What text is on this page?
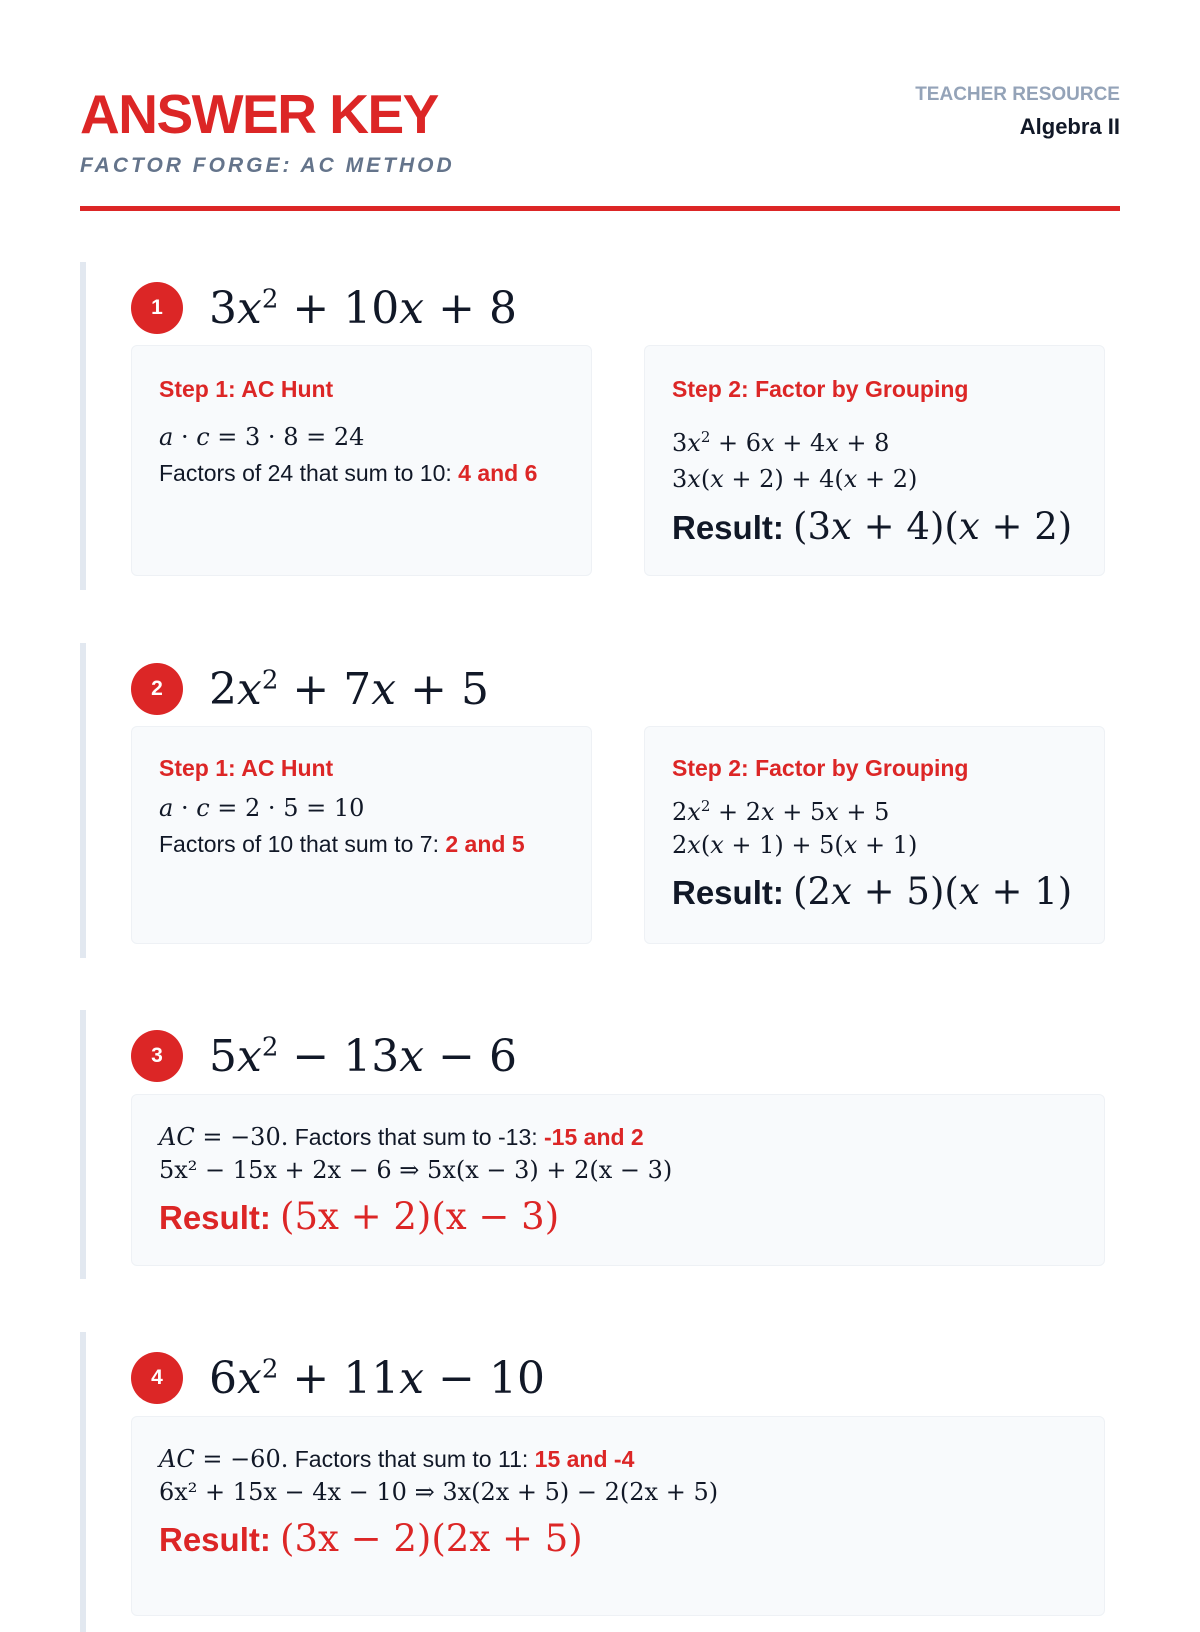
ANSWER KEY
FACTOR FORGE: AC METHOD
TEACHER RESOURCE
Algebra II
1	$3x^2 + 10x + 8$
Step 1: AC Hunt
a · c = 3 · 8 = 24
Factors of 24 that sum to 10: 4 and 6
Step 2: Factor by Grouping
$3x^2 + 6x + 4x + 8$
3x(x + 2) + 4(x + 2)
Result: (3x + 4)(x + 2)
2	$2x^2 + 7x + 5$
Step 1: AC Hunt
a · c = 2 · 5 = 10
Factors of 10 that sum to 7: 2 and 5
Step 2: Factor by Grouping
$2x^2 + 2x + 5x + 5$
2x(x + 1) + 5(x + 1)
Result: (2x + 5)(x + 1)
3	$5x^2 - 13x - 6$
AC = −30. Factors that sum to -13: -15 and 2
5x² − 15x + 2x − 6 ⇒ 5x(x − 3) + 2(x − 3)
Result: (5x + 2)(x − 3)
4	$6x^2 + 11x - 10$
AC = −60. Factors that sum to 11: 15 and -4
6x² + 15x − 4x − 10 ⇒ 3x(2x + 5) − 2(2x + 5)
Result: (3x − 2)(2x + 5)
